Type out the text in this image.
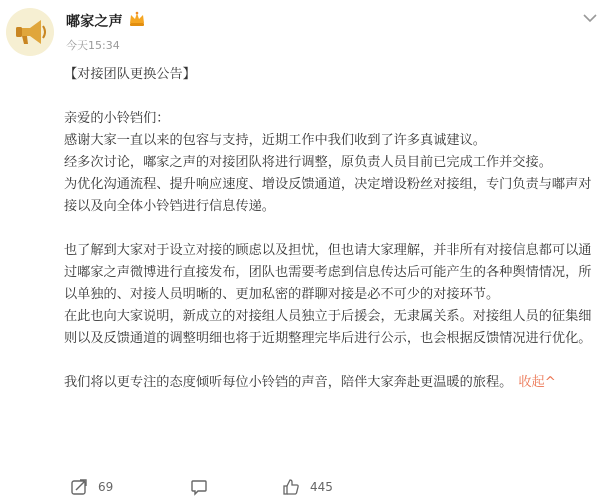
嘟家之声
今天15:34

【对接团队更换公告】

亲爱的小铃铛们：

感谢大家一直以来的包容与支持，近期工作中我们收到了许多真诚建议。

经多次讨论，嘟家之声的对接团队将进行调整，原负责人员目前已完成工作并交接。

为优化沟通流程、提升响应速度、增设反馈通道，决定增设粉丝对接组，专门负责与嘟声对接以及向全体小铃铛进行信息传递。

也了解到大家对于设立对接的顾虑以及担忧，但也请大家理解，并非所有对接信息都可以通过嘟家之声微博进行直接发布，团队也需要考虑到信息传达后可能产生的各种舆情情况，所以单独的、对接人员明晰的、更加私密的群聊对接是必不可少的对接环节。

在此也向大家说明，新成立的对接组人员独立于后援会，无隶属关系。对接组人员的征集细则以及反馈通道的调整明细也将于近期整理完毕后进行公示，也会根据反馈情况进行优化。

我们将以更专注的态度倾听每位小铃铛的声音，陪伴大家奔赴更温暖的旅程。 收起^

69	445
